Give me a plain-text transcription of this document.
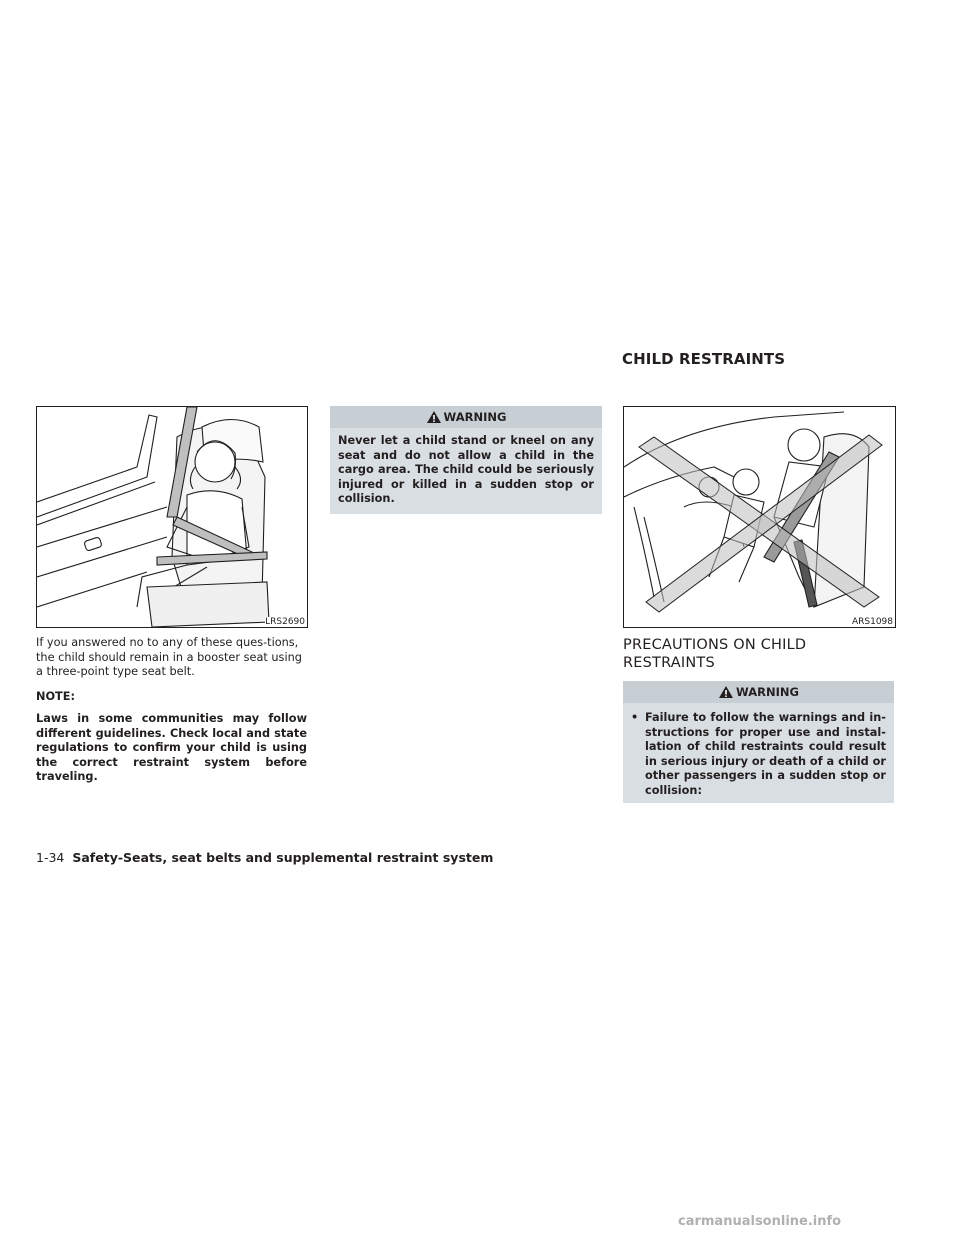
CHILD RESTRAINTS
LRS2690

If you answered no to any of these ques-tions, the child should remain in a booster seat using a three-point type seat belt.

NOTE:

Laws in some communities may follow different guidelines. Check local and state regulations to confirm your child is using the correct restraint system before traveling.

WARNING
Never let a child stand or kneel on any seat and do not allow a child in the cargo area. The child could be seriously injured or killed in a sudden stop or collision.
ARS1098
PRECAUTIONS ON CHILD RESTRAINTS
WARNING
• Failure to follow the warnings and in-structions for proper use and instal-lation of child restraints could result in serious injury or death of a child or other passengers in a sudden stop or collision:
1-34 Safety-Seats, seat belts and supplemental restraint system
carmanualsonline.info
